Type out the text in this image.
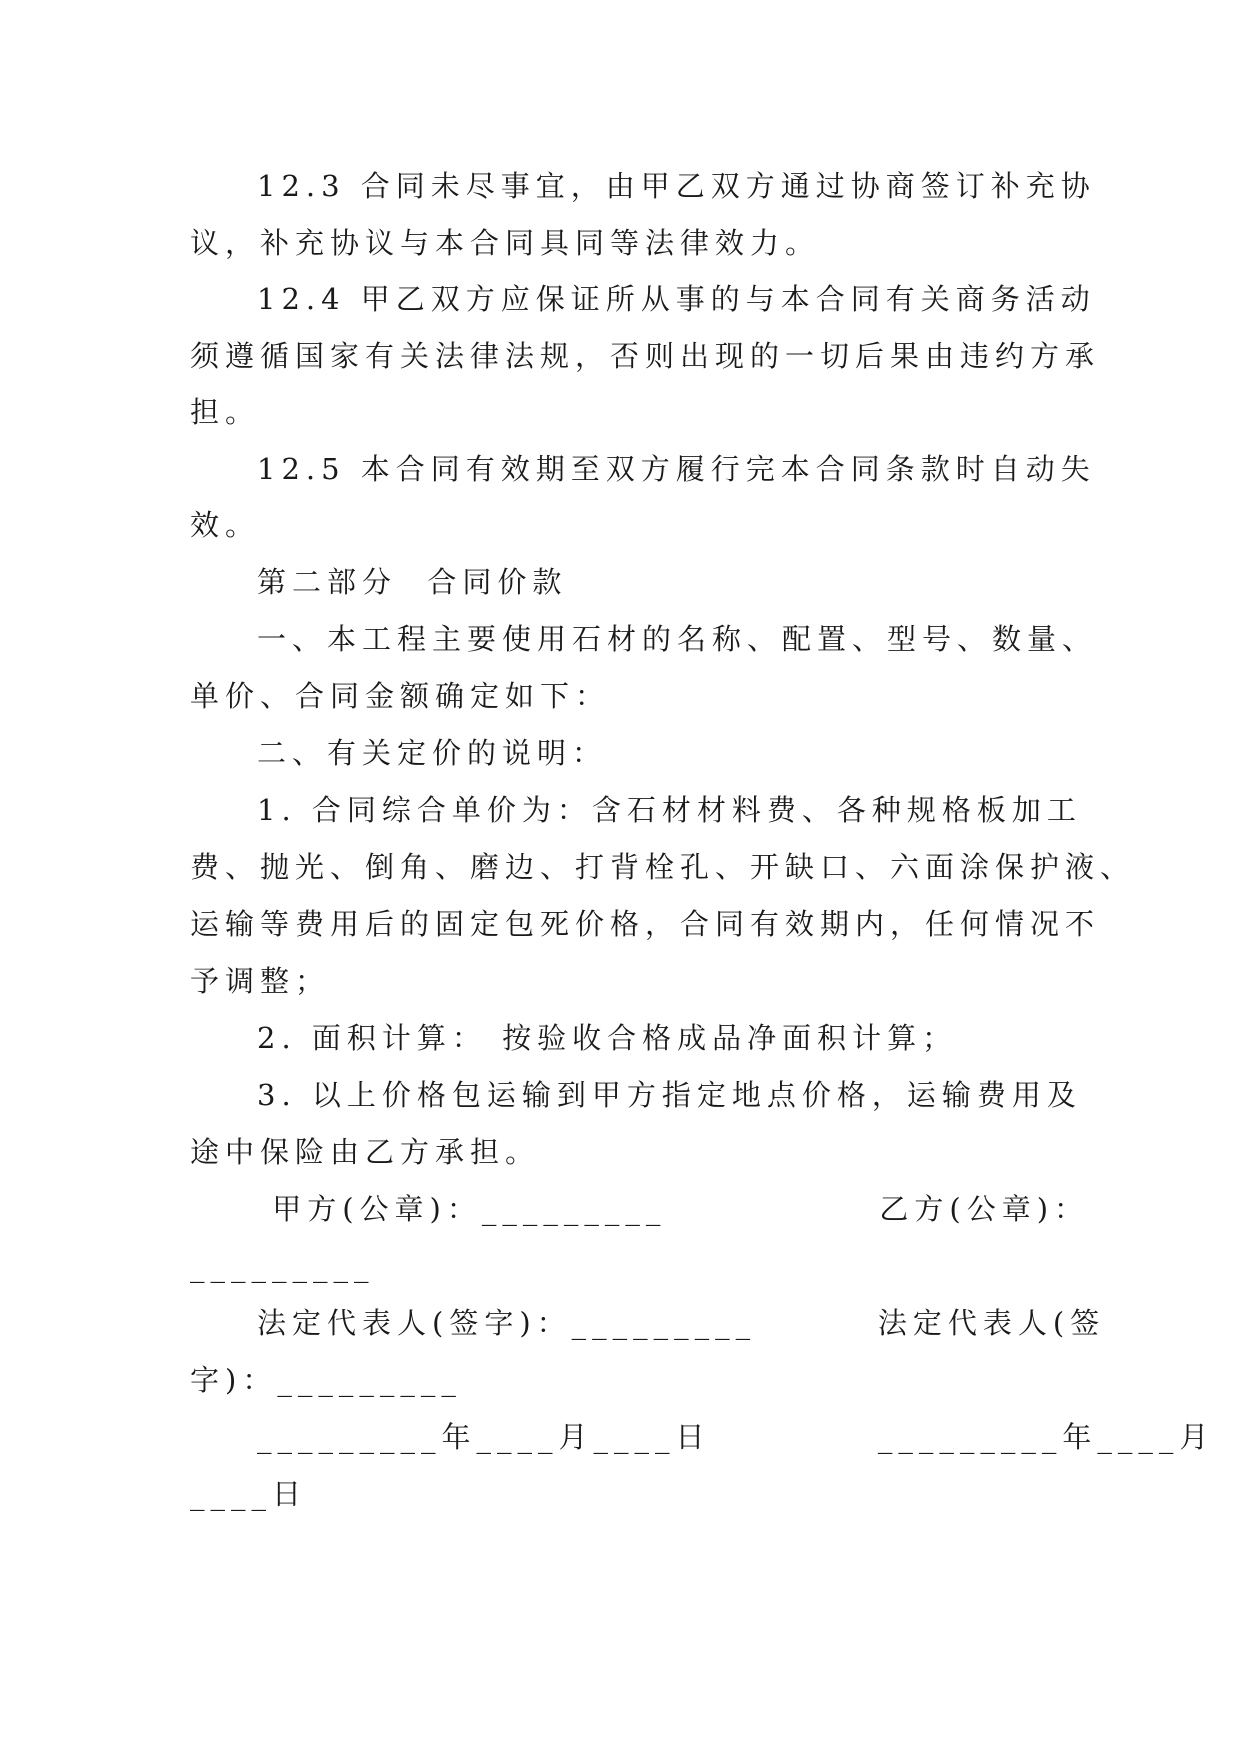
12.3 合同未尽事宜，由甲乙双方通过协商签订补充协
议，补充协议与本合同具同等法律效力。
12.4 甲乙双方应保证所从事的与本合同有关商务活动
须遵循国家有关法律法规，否则出现的一切后果由违约方承
担。
12.5 本合同有效期至双方履行完本合同条款时自动失
效。
第二部分  合同价款
一、本工程主要使用石材的名称、配置、型号、数量、
单价、合同金额确定如下：
二、有关定价的说明：
1. 合同综合单价为：含石材材料费、各种规格板加工
费、抛光、倒角、磨边、打背栓孔、开缺口、六面涂保护液、
运输等费用后的固定包死价格，合同有效期内，任何情况不
予调整；
2. 面积计算： 按验收合格成品净面积计算；
3. 以上价格包运输到甲方指定地点价格，运输费用及
途中保险由乙方承担。
甲方(公章)：_________              乙方(公章)：
_________
法定代表人(签字)：_________        法定代表人(签
字)：_________
_________年____月____日           _________年____月
____日
